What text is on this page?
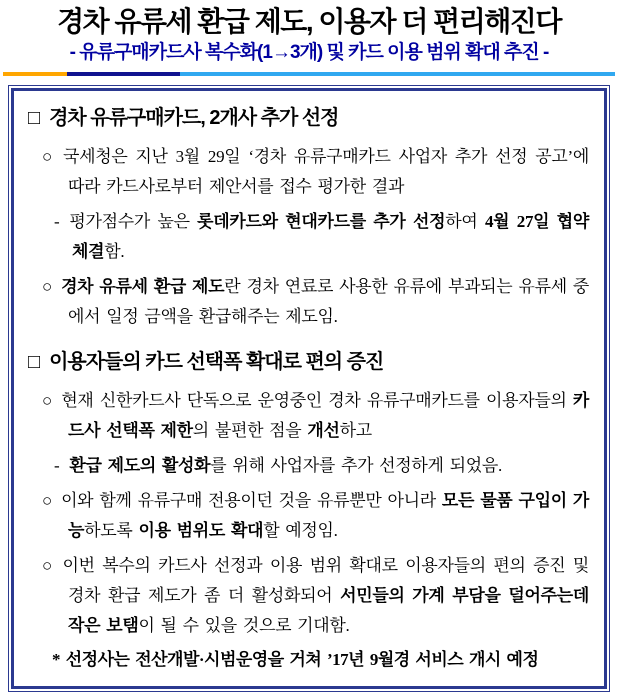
경차 유류세 환급 제도, 이용자 더 편리해진다
- 유류구매카드사 복수화(1→3개) 및 카드 이용 범위 확대 추진 -
□ 경차 유류구매카드, 2개사 추가 선정

○ 국세청은 지난 3월 29일 ‘경차 유류구매카드 사업자 추가 선정 공고’에 따라 카드사로부터 제안서를 접수 평가한 결과

- 평가점수가 높은 롯데카드와 현대카드를 추가 선정하여 4월 27일 협약 체결함.

○ 경차 유류세 환급 제도란 경차 연료로 사용한 유류에 부과되는 유류세 중에서 일정 금액을 환급해주는 제도임.

□ 이용자들의 카드 선택폭 확대로 편의 증진

○ 현재 신한카드사 단독으로 운영중인 경차 유류구매카드를 이용자들의 카드사 선택폭 제한의 불편한 점을 개선하고

- 환급 제도의 활성화를 위해 사업자를 추가 선정하게 되었음.

○ 이와 함께 유류구매 전용이던 것을 유류뿐만 아니라 모든 물품 구입이 가능하도록 이용 범위도 확대할 예정임.

○ 이번 복수의 카드사 선정과 이용 범위 확대로 이용자들의 편의 증진 및 경차 환급 제도가 좀 더 활성화되어 서민들의 가계 부담을 덜어주는데 작은 보탬이 될 수 있을 것으로 기대함.

* 선정사는 전산개발·시범운영을 거쳐 ’17년 9월경 서비스 개시 예정
